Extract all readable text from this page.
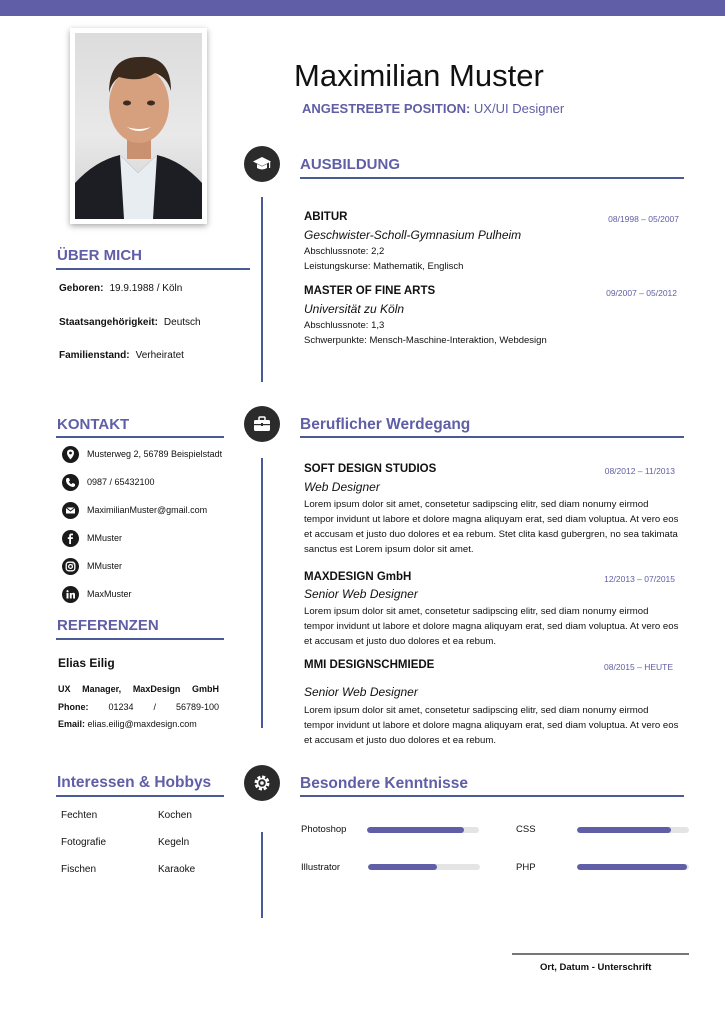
Maximilian Muster
ANGESTREBTE POSITION: UX/UI Designer
ÜBER MICH
Geboren: 19.9.1988 / Köln
Staatsangehörigkeit: Deutsch
Familienstand: Verheiratet
KONTAKT
Musterweg 2, 56789 Beispielstadt
0987 / 65432100
MaximilianMuster@gmail.com
MMuster
MMuster
MaxMuster
REFERENZEN
Elias Eilig
UX Manager, MaxDesign GmbH
Phone: 01234 / 56789-100
Email: elias.eilig@maxdesign.com
Interessen & Hobbys
Fechten	Kochen
Fotografie	Kegeln
Fischen	Karaoke
AUSBILDUNG
ABITUR	08/1998 – 05/2007
Geschwister-Scholl-Gymnasium Pulheim
Abschlussnote: 2,2
Leistungskurse: Mathematik, Englisch
MASTER OF FINE ARTS	09/2007 – 05/2012
Universität zu Köln
Abschlussnote: 1,3
Schwerpunkte: Mensch-Maschine-Interaktion, Webdesign
Beruflicher Werdegang
SOFT DESIGN STUDIOS	08/2012 – 11/2013
Web Designer
Lorem ipsum dolor sit amet, consetetur sadipscing elitr, sed diam nonumy eirmod tempor invidunt ut labore et dolore magna aliquyam erat, sed diam voluptua. At vero eos et accusam et justo duo dolores et ea rebum. Stet clita kasd gubergren, no sea takimata sanctus est Lorem ipsum dolor sit amet.
MAXDESIGN GmbH	12/2013 – 07/2015
Senior Web Designer
Lorem ipsum dolor sit amet, consetetur sadipscing elitr, sed diam nonumy eirmod tempor invidunt ut labore et dolore magna aliquyam erat, sed diam voluptua. At vero eos et accusam et justo duo dolores et ea rebum.
MMI DESIGNSCHMIEDE	08/2015 – HEUTE
Senior Web Designer
Lorem ipsum dolor sit amet, consetetur sadipscing elitr, sed diam nonumy eirmod tempor invidunt ut labore et dolore magna aliquyam erat, sed diam voluptua. At vero eos et accusam et justo duo dolores et ea rebum.
Besondere Kenntnisse
Photoshop	CSS
Illustrator	PHP
Ort, Datum - Unterschrift
